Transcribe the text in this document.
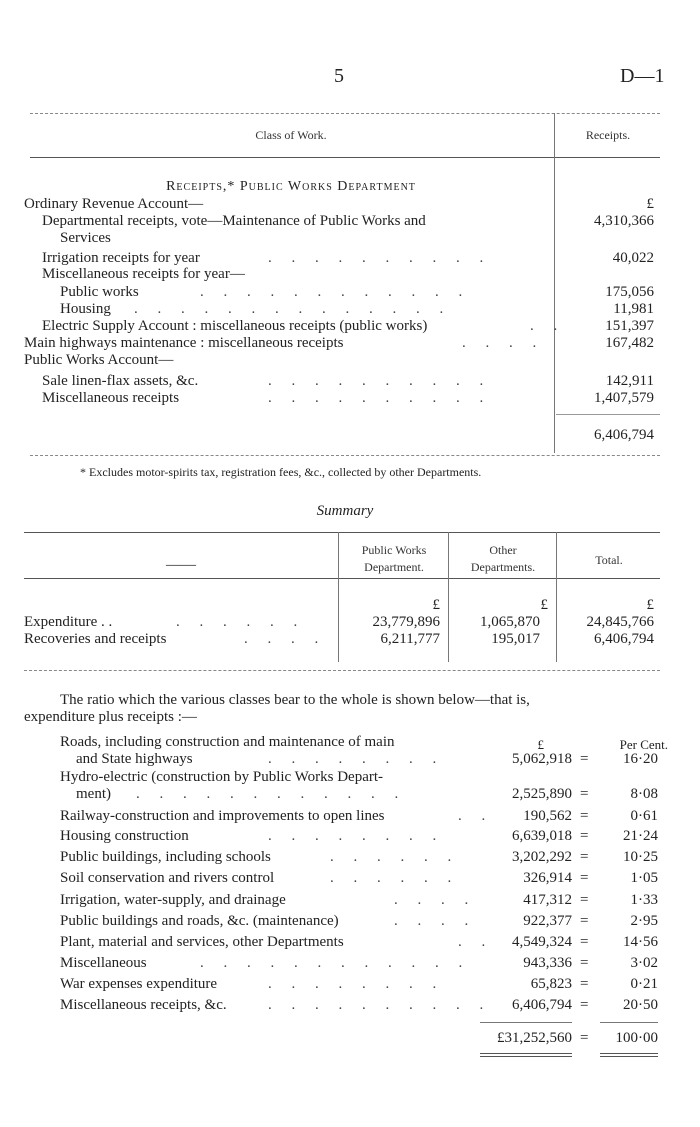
5	D—1
Class of Work.	Receipts.
Receipts,* Public Works Department
£
Ordinary Revenue Account—
Departmental receipts, vote—Maintenance of Public Works and	4,310,366
Services
Irrigation receipts for year	. . . . . . . . . .	40,022
Miscellaneous receipts for year—
Public works	. . . . . . . . . . . .	175,056
Housing . . . . . . . . . . . . . .	11,981
Electric Supply Account : miscellaneous receipts (public works)	. .	151,397
Main highways maintenance : miscellaneous receipts	. . . .	167,482
Public Works Account—
Sale linen-flax assets, &c.	. . . . . . . . . .	142,911
Miscellaneous receipts	. . . . . . . . . .	1,407,579
6,406,794
* Excludes motor-spirits tax, registration fees, &c., collected by other Departments.
Summary
——
Public Works
Department.
Other
Departments.	Total.
£	£	£
Expenditure . .	. . . . . .	23,779,896	1,065,870	24,845,766
Recoveries and receipts	. . . .	6,211,777	195,017	6,406,794
The ratio which the various classes bear to the whole is shown below—that is,
expenditure plus receipts :—
£	Per Cent.
Roads, including construction and maintenance of main
and State highways	. . . . . . . .	5,062,918 =	16·20
Hydro-electric (construction by Public Works Depart-
ment) . . . . . . . . . . . .	2,525,890 =	8·08
Railway-construction and improvements to open lines	. .	190,562 =	0·61
Housing construction	. . . . . . . .	6,639,018 =	21·24
Public buildings, including schools	. . . . . .	3,202,292 =	10·25
Soil conservation and rivers control	. . . . . .	326,914 =	1·05
Irrigation, water-supply, and drainage	. . . .	417,312 =	1·33
Public buildings and roads, &c. (maintenance)	. . . .	922,377 =	2·95
Plant, material and services, other Departments	. .	4,549,324 =	14·56
Miscellaneous	. . . . . . . . . . . .	943,336 =	3·02
War expenses expenditure	. . . . . . . .	65,823 =	0·21
Miscellaneous receipts, &c.	. . . . . . . . . .	6,406,794 =	20·50
£31,252,560 =	100·00
